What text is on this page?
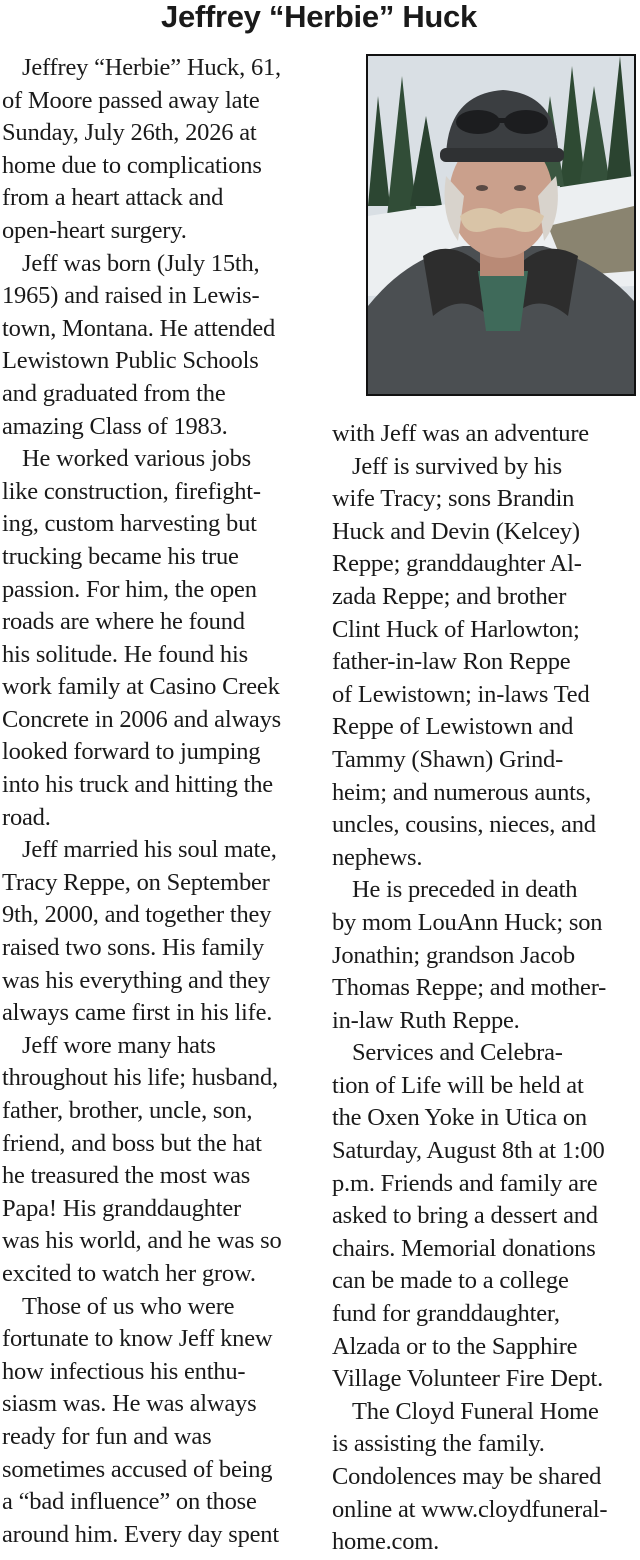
Jeffrey “Herbie” Huck

Jeffrey “Herbie” Huck, 61,
of Moore passed away late
Sunday, July 26th, 2026 at
home due to complications
from a heart attack and
open-heart surgery.

Jeff was born (July 15th,
1965) and raised in Lewis-
town, Montana. He attended
Lewistown Public Schools
and graduated from the
amazing Class of 1983.

He worked various jobs
like construction, firefight-
ing, custom harvesting but
trucking became his true
passion. For him, the open
roads are where he found
his solitude. He found his
work family at Casino Creek
Concrete in 2006 and always
looked forward to jumping
into his truck and hitting the
road.

Jeff married his soul mate,
Tracy Reppe, on September
9th, 2000, and together they
raised two sons. His family
was his everything and they
always came first in his life.

Jeff wore many hats
throughout his life; husband,
father, brother, uncle, son,
friend, and boss but the hat
he treasured the most was
Papa! His granddaughter
was his world, and he was so
excited to watch her grow.

Those of us who were
fortunate to know Jeff knew
how infectious his enthu-
siasm was. He was always
ready for fun and was
sometimes accused of being
a “bad influence” on those
around him. Every day spent

with Jeff was an adventure

Jeff is survived by his
wife Tracy; sons Brandin
Huck and Devin (Kelcey)
Reppe; granddaughter Al-
zada Reppe; and brother
Clint Huck of Harlowton;
father-in-law Ron Reppe
of Lewistown; in-laws Ted
Reppe of Lewistown and
Tammy (Shawn) Grind-
heim; and numerous aunts,
uncles, cousins, nieces, and
nephews.

He is preceded in death
by mom LouAnn Huck; son
Jonathin; grandson Jacob
Thomas Reppe; and mother-
in-law Ruth Reppe.

Services and Celebra-
tion of Life will be held at
the Oxen Yoke in Utica on
Saturday, August 8th at 1:00
p.m. Friends and family are
asked to bring a dessert and
chairs. Memorial donations
can be made to a college
fund for granddaughter,
Alzada or to the Sapphire
Village Volunteer Fire Dept.

The Cloyd Funeral Home
is assisting the family.
Condolences may be shared
online at www.cloydfuneral-
home.com.
